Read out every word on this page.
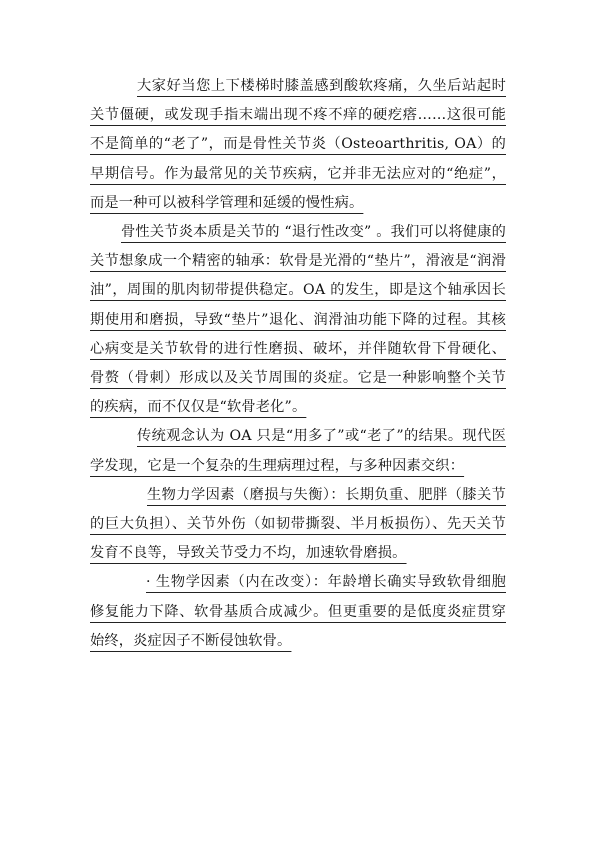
大家好当您上下楼梯时膝盖感到酸软疼痛，久坐后站起时关节僵硬，或发现手指末端出现不疼不痒的硬疙瘩……这很可能不是简单的“老了”，而是骨性关节炎（Osteoarthritis, OA）的早期信号。作为最常见的关节疾病，它并非无法应对的“绝症”，而是一种可以被科学管理和延缓的慢性病。

骨性关节炎本质是关节的 “退行性改变” 。我们可以将健康的关节想象成一个精密的轴承：软骨是光滑的“垫片”，滑液是“润滑油”，周围的肌肉韧带提供稳定。OA 的发生，即是这个轴承因长期使用和磨损，导致“垫片”退化、润滑油功能下降的过程。其核心病变是关节软骨的进行性磨损、破坏，并伴随软骨下骨硬化、骨赘（骨刺）形成以及关节周围的炎症。它是一种影响整个关节的疾病，而不仅仅是“软骨老化”。

传统观念认为 OA 只是“用多了”或“老了”的结果。现代医学发现，它是一个复杂的生理病理过程，与多种因素交织：

生物力学因素（磨损与失衡）：长期负重、肥胖（膝关节的巨大负担）、关节外伤（如韧带撕裂、半月板损伤）、先天关节发育不良等，导致关节受力不均，加速软骨磨损。

· 生物学因素（内在改变）：年龄增长确实导致软骨细胞修复能力下降、软骨基质合成减少。但更重要的是低度炎症贯穿始终，炎症因子不断侵蚀软骨。
